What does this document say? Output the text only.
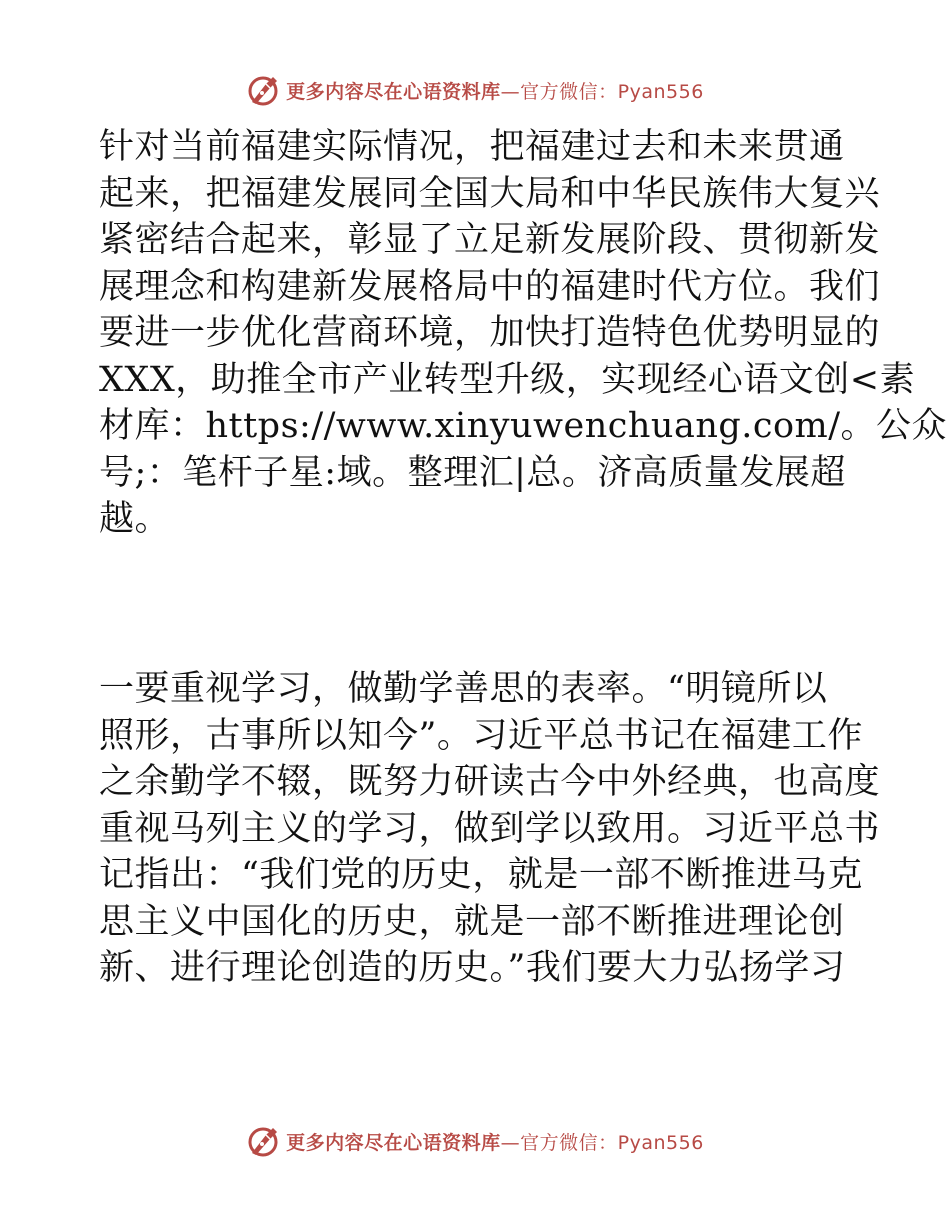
更多内容尽在心语资料库—官方微信：Pyan556
针对当前福建实际情况，把福建过去和未来贯通
起来，把福建发展同全国大局和中华民族伟大复兴
紧密结合起来，彰显了立足新发展阶段、贯彻新发
展理念和构建新发展格局中的福建时代方位。我们
要进一步优化营商环境，加快打造特色优势明显的
XXX，助推全市产业转型升级，实现经心语文创<素
材库：https://www.xinyuwenchuang.com/。公众
号;：笔杆子星:域。整理汇|总。济高质量发展超
越。
一要重视学习，做勤学善思的表率。“明镜所以
照形，古事所以知今”。习近平总书记在福建工作
之余勤学不辍，既努力研读古今中外经典，也高度
重视马列主义的学习，做到学以致用。习近平总书
记指出：“我们党的历史，就是一部不断推进马克
思主义中国化的历史，就是一部不断推进理论创
新、进行理论创造的历史。”我们要大力弘扬学习
更多内容尽在心语资料库—官方微信：Pyan556
